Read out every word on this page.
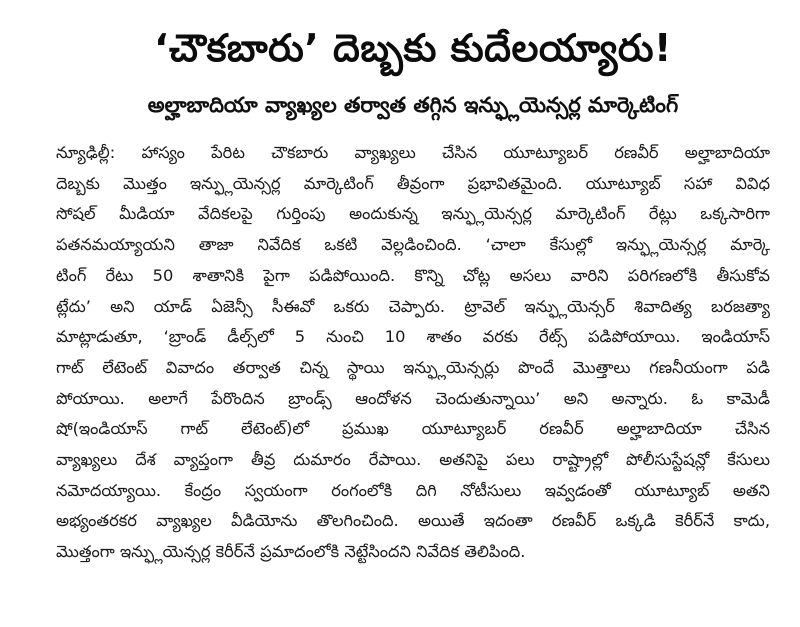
‘చౌకబారు’ దెబ్బకు కుదేలయ్యారు!
అల్హాబాదియా వ్యాఖ్యల తర్వాత తగ్గిన ఇన్ఫ్లుయెన్సర్ల మార్కెటింగ్
న్యూఢిల్లీ: హాస్యం పేరిట చౌకబారు వ్యాఖ్యలు చేసిన యూట్యూబర్ రణవీర్ అల్హాబాదియా
దెబ్బకు మొత్తం ఇన్ఫ్లుయెన్సర్ల మార్కెటింగ్ తీవ్రంగా ప్రభావితమైంది. యూట్యూబ్ సహా వివిధ
సోషల్ మీడియా వేదికలపై గుర్తింపు అందుకున్న ఇన్ఫ్లుయెన్సర్ల మార్కెటింగ్ రేట్లు ఒక్కసారిగా
పతనమయ్యాయని తాజా నివేదిక ఒకటి వెల్లడించింది. ‘చాలా కేసుల్లో ఇన్ఫ్లుయెన్సర్ల మార్కె
టింగ్ రేటు 50 శాతానికి పైగా పడిపోయింది. కొన్ని చోట్ల అసలు వారిని పరిగణలోకి తీసుకోవ
ట్లేదు’ అని యాడ్ ఏజెన్సీ సీఈవో ఒకరు చెప్పారు. ట్రావెల్ ఇన్ఫ్లుయెన్సర్ శివాదిత్య బరజత్యా
మాట్లాడుతూ, ‘బ్రాండ్ డీల్స్‌లో 5 నుంచి 10 శాతం వరకు రేట్స్ పడిపోయాయి. ఇండియాస్
గాట్ లేటెంట్ వివాదం తర్వాత చిన్న స్థాయి ఇన్ఫ్లుయెన్సర్లు పొందే మొత్తాలు గణనీయంగా పడి
పోయాయి. అలాగే పేరొందిన బ్రాండ్స్ ఆందోళన చెందుతున్నాయి’ అని అన్నారు. ఓ కామెడీ
షో(ఇండియాస్ గాట్ లేటెంట్)లో ప్రముఖ యూట్యూబర్ రణవీర్ అల్హాబాదియా చేసిన
వ్యాఖ్యలు దేశ వ్యాప్తంగా తీవ్ర దుమారం రేపాయి. అతనిపై పలు రాష్ట్రాల్లో పోలీసుస్టేషన్లో కేసులు
నమోదయ్యాయి. కేంద్రం స్వయంగా రంగంలోకి దిగి నోటీసులు ఇవ్వడంతో యూట్యూబ్ అతని
అభ్యంతరకర వ్యాఖ్యల వీడియోను తొలగించింది. అయితే ఇదంతా రణవీర్ ఒక్కడి కెరీర్‌నే కాదు,
మొత్తంగా ఇన్ఫ్లుయెన్సర్ల కెరీర్‌నే ప్రమాదంలోకి నెట్టేసిందని నివేదిక తెలిపింది.
